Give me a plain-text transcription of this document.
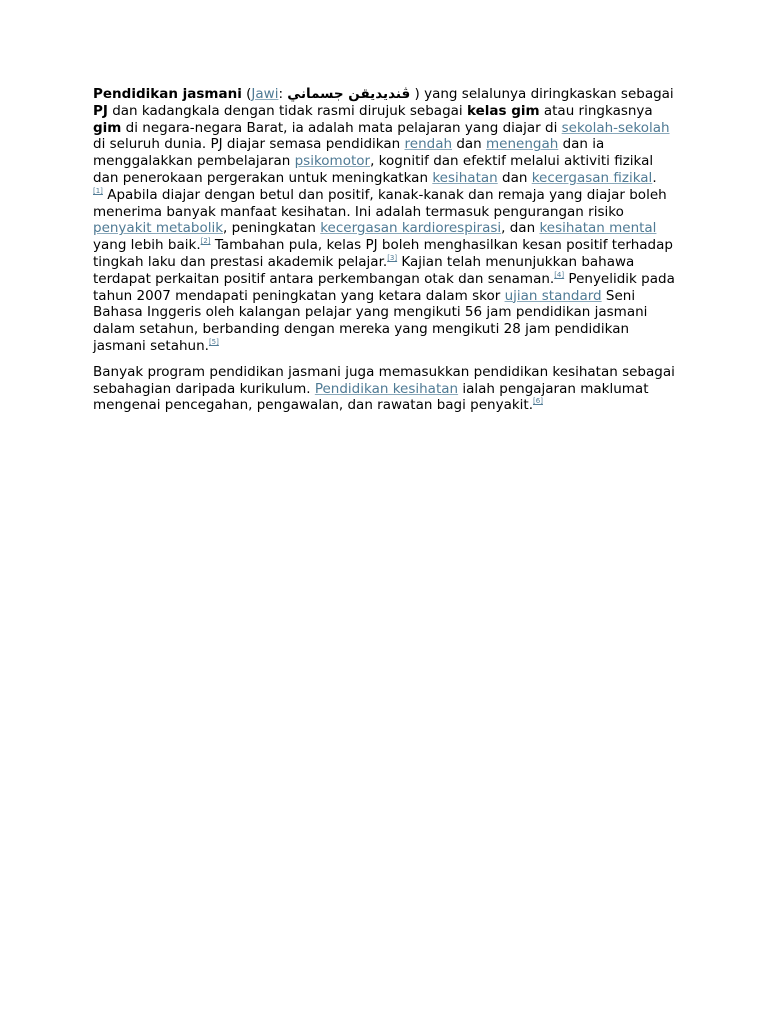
Pendidikan jasmani (Jawi: ڤنديديقن جسماني ) yang selalunya diringkaskan sebagai PJ dan kadangkala dengan tidak rasmi dirujuk sebagai kelas gim atau ringkasnya gim di negara-negara Barat, ia adalah mata pelajaran yang diajar di sekolah-sekolah di seluruh dunia. PJ diajar semasa pendidikan rendah dan menengah dan ia menggalakkan pembelajaran psikomotor, kognitif dan efektif melalui aktiviti fizikal dan penerokaan pergerakan untuk meningkatkan kesihatan dan kecergasan fizikal.
[1] Apabila diajar dengan betul dan positif, kanak-kanak dan remaja yang diajar boleh menerima banyak manfaat kesihatan. Ini adalah termasuk pengurangan risiko penyakit metabolik, peningkatan kecergasan kardiorespirasi, dan kesihatan mental yang lebih baik.[2] Tambahan pula, kelas PJ boleh menghasilkan kesan positif terhadap tingkah laku dan prestasi akademik pelajar.[3] Kajian telah menunjukkan bahawa terdapat perkaitan positif antara perkembangan otak dan senaman.[4] Penyelidik pada tahun 2007 mendapati peningkatan yang ketara dalam skor ujian standard Seni Bahasa Inggeris oleh kalangan pelajar yang mengikuti 56 jam pendidikan jasmani dalam setahun, berbanding dengan mereka yang mengikuti 28 jam pendidikan jasmani setahun.[5]

Banyak program pendidikan jasmani juga memasukkan pendidikan kesihatan sebagai sebahagian daripada kurikulum. Pendidikan kesihatan ialah pengajaran maklumat mengenai pencegahan, pengawalan, dan rawatan bagi penyakit.[6]
